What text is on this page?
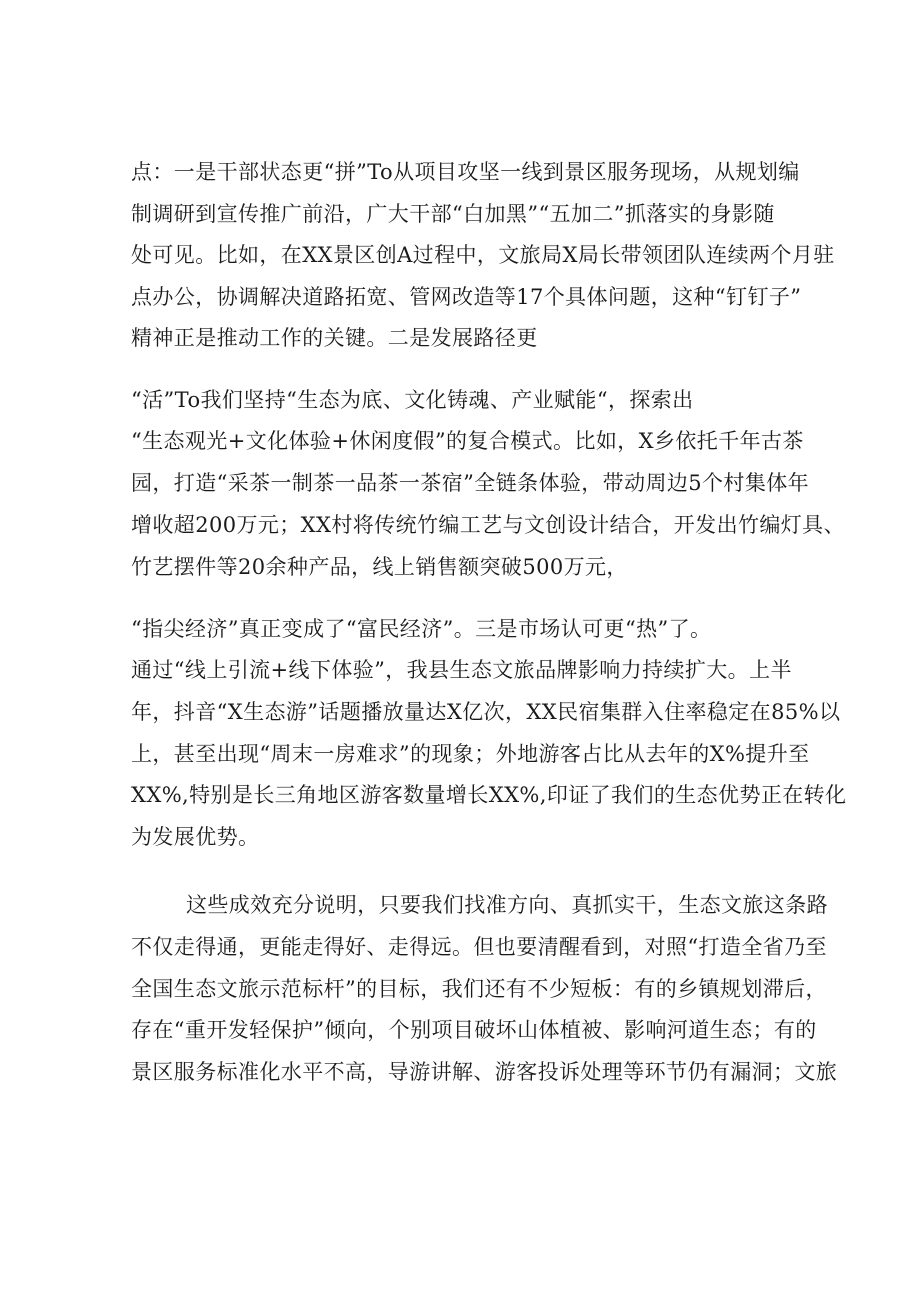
点：一是干部状态更“拼”To从项目攻坚一线到景区服务现场，从规划编
制调研到宣传推广前沿，广大干部“白加黑”“五加二”抓落实的身影随
处可见。比如，在XX景区创A过程中，文旅局X局长带领团队连续两个月驻
点办公，协调解决道路拓宽、管网改造等17个具体问题，这种“钉钉子”
精神正是推动工作的关键。二是发展路径更
“活”To我们坚持“生态为底、文化铸魂、产业赋能“，探索出
“生态观光+文化体验+休闲度假”的复合模式。比如，X乡依托千年古茶
园，打造“采茶一制茶一品茶一茶宿”全链条体验，带动周边5个村集体年
增收超200万元；XX村将传统竹编工艺与文创设计结合，开发出竹编灯具、
竹艺摆件等20余种产品，线上销售额突破500万元，
“指尖经济”真正变成了“富民经济”。三是市场认可更“热”了。
通过“线上引流+线下体验”，我县生态文旅品牌影响力持续扩大。上半
年，抖音“X生态游”话题播放量达X亿次，XX民宿集群入住率稳定在85%以
上，甚至出现“周末一房难求”的现象；外地游客占比从去年的X%提升至
XX%,特别是长三角地区游客数量增长XX%,印证了我们的生态优势正在转化
为发展优势。
这些成效充分说明，只要我们找准方向、真抓实干，生态文旅这条路
不仅走得通，更能走得好、走得远。但也要清醒看到，对照“打造全省乃至
全国生态文旅示范标杆”的目标，我们还有不少短板：有的乡镇规划滞后，
存在“重开发轻保护”倾向，个别项目破坏山体植被、影响河道生态；有的
景区服务标准化水平不高，导游讲解、游客投诉处理等环节仍有漏洞；文旅
